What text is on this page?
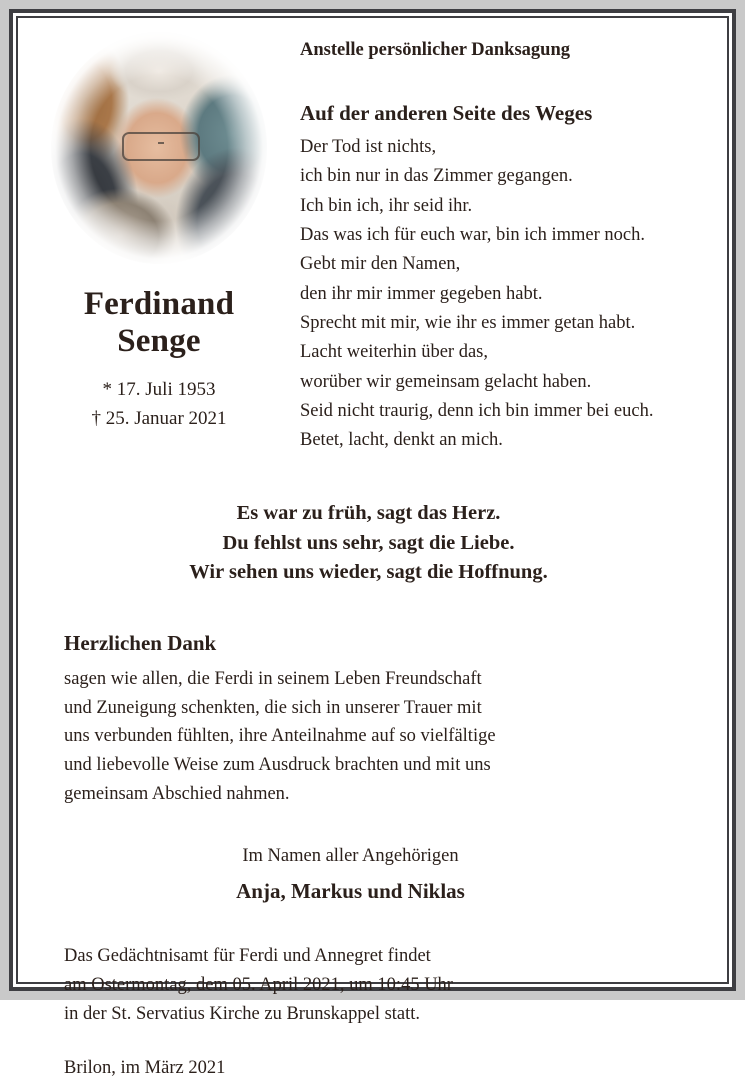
Ferdinand
Senge
* 17. Juli 1953
† 25. Januar 2021
Anstelle persönlicher Danksagung
Auf der anderen Seite des Weges
Der Tod ist nichts,
ich bin nur in das Zimmer gegangen.
Ich bin ich, ihr seid ihr.
Das was ich für euch war, bin ich immer noch.
Gebt mir den Namen,
den ihr mir immer gegeben habt.
Sprecht mit mir, wie ihr es immer getan habt.
Lacht weiterhin über das,
worüber wir gemeinsam gelacht haben.
Seid nicht traurig, denn ich bin immer bei euch.
Betet, lacht, denkt an mich.
Es war zu früh, sagt das Herz.
Du fehlst uns sehr, sagt die Liebe.
Wir sehen uns wieder, sagt die Hoffnung.
Herzlichen Dank
sagen wie allen, die Ferdi in seinem Leben Freundschaft
und Zuneigung schenkten, die sich in unserer Trauer mit
uns verbunden fühlten, ihre Anteilnahme auf so vielfältige
und liebevolle Weise zum Ausdruck brachten und mit uns
gemeinsam Abschied nahmen.
Im Namen aller Angehörigen
Anja, Markus und Niklas
Das Gedächtnisamt für Ferdi und Annegret findet
am Ostermontag, dem 05. April 2021, um 10:45 Uhr
in der St. Servatius Kirche zu Brunskappel statt.
Brilon, im März 2021
